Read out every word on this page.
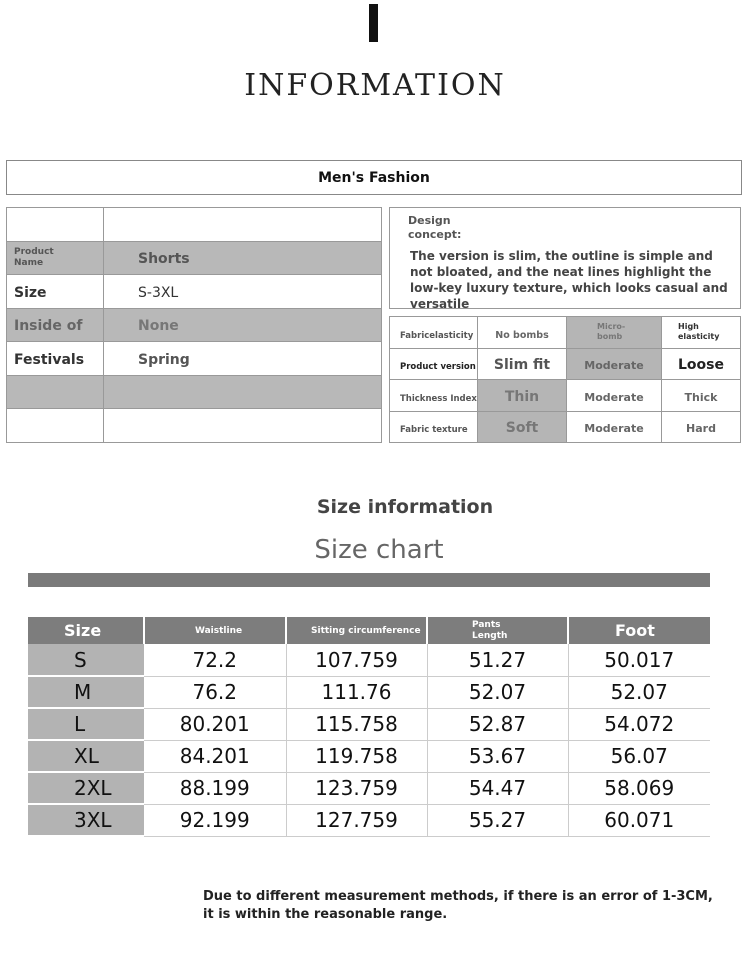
INFORMATION
Men's Fashion

Product Name	Shorts
Size	S-3XL
Inside of	None
Festivals	Spring

Design concept:
The version is slim, the outline is simple and not bloated, and the neat lines highlight the low-key luxury texture, which looks casual and versatile
Fabricelasticity	No bombs	Micro-bomb	High elasticity
Product version	Slim fit	Moderate	Loose
Thickness Index	Thin	Moderate	Thick
Fabric texture	Soft	Moderate	Hard
Size information
Size chart
Size	Waistline	Sitting circumference	Pants Length	Foot
S	72.2	107.759	51.27	50.017
M	76.2	111.76	52.07	52.07
L	80.201	115.758	52.87	54.072
XL	84.201	119.758	53.67	56.07
2XL	88.199	123.759	54.47	58.069
3XL	92.199	127.759	55.27	60.071
Due to different measurement methods, if there is an error of 1-3CM, it is within the reasonable range.
